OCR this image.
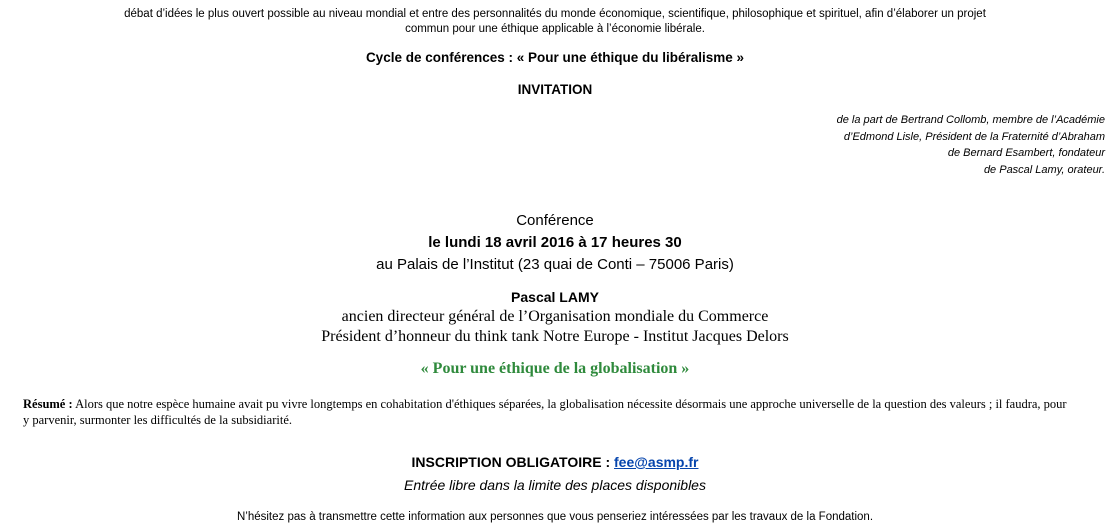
débat d’idées le plus ouvert possible au niveau mondial et entre des personnalités du monde économique, scientifique, philosophique et spirituel, afin d’élaborer un projet
commun pour une éthique applicable à l’économie libérale.
Cycle de conférences : « Pour une éthique du libéralisme »
INVITATION
de la part de Bertrand Collomb, membre de l’Académie
d’Edmond Lisle, Président de la Fraternité d’Abraham
de Bernard Esambert, fondateur
de Pascal Lamy, orateur.
Conférence
le lundi 18 avril 2016 à 17 heures 30
au Palais de l’Institut (23 quai de Conti – 75006 Paris)
Pascal LAMY
ancien directeur général de l’Organisation mondiale du Commerce
Président d’honneur du think tank Notre Europe - Institut Jacques Delors
« Pour une éthique de la globalisation »
Résumé : Alors que notre espèce humaine avait pu vivre longtemps en cohabitation d'éthiques séparées, la globalisation nécessite désormais une approche universelle de la question des valeurs ; il faudra, pour y parvenir, surmonter les difficultés de la subsidiarité.
INSCRIPTION OBLIGATOIRE : fee@asmp.fr
Entrée libre dans la limite des places disponibles
N’hésitez pas à transmettre cette information aux personnes que vous penseriez intéressées par les travaux de la Fondation.
